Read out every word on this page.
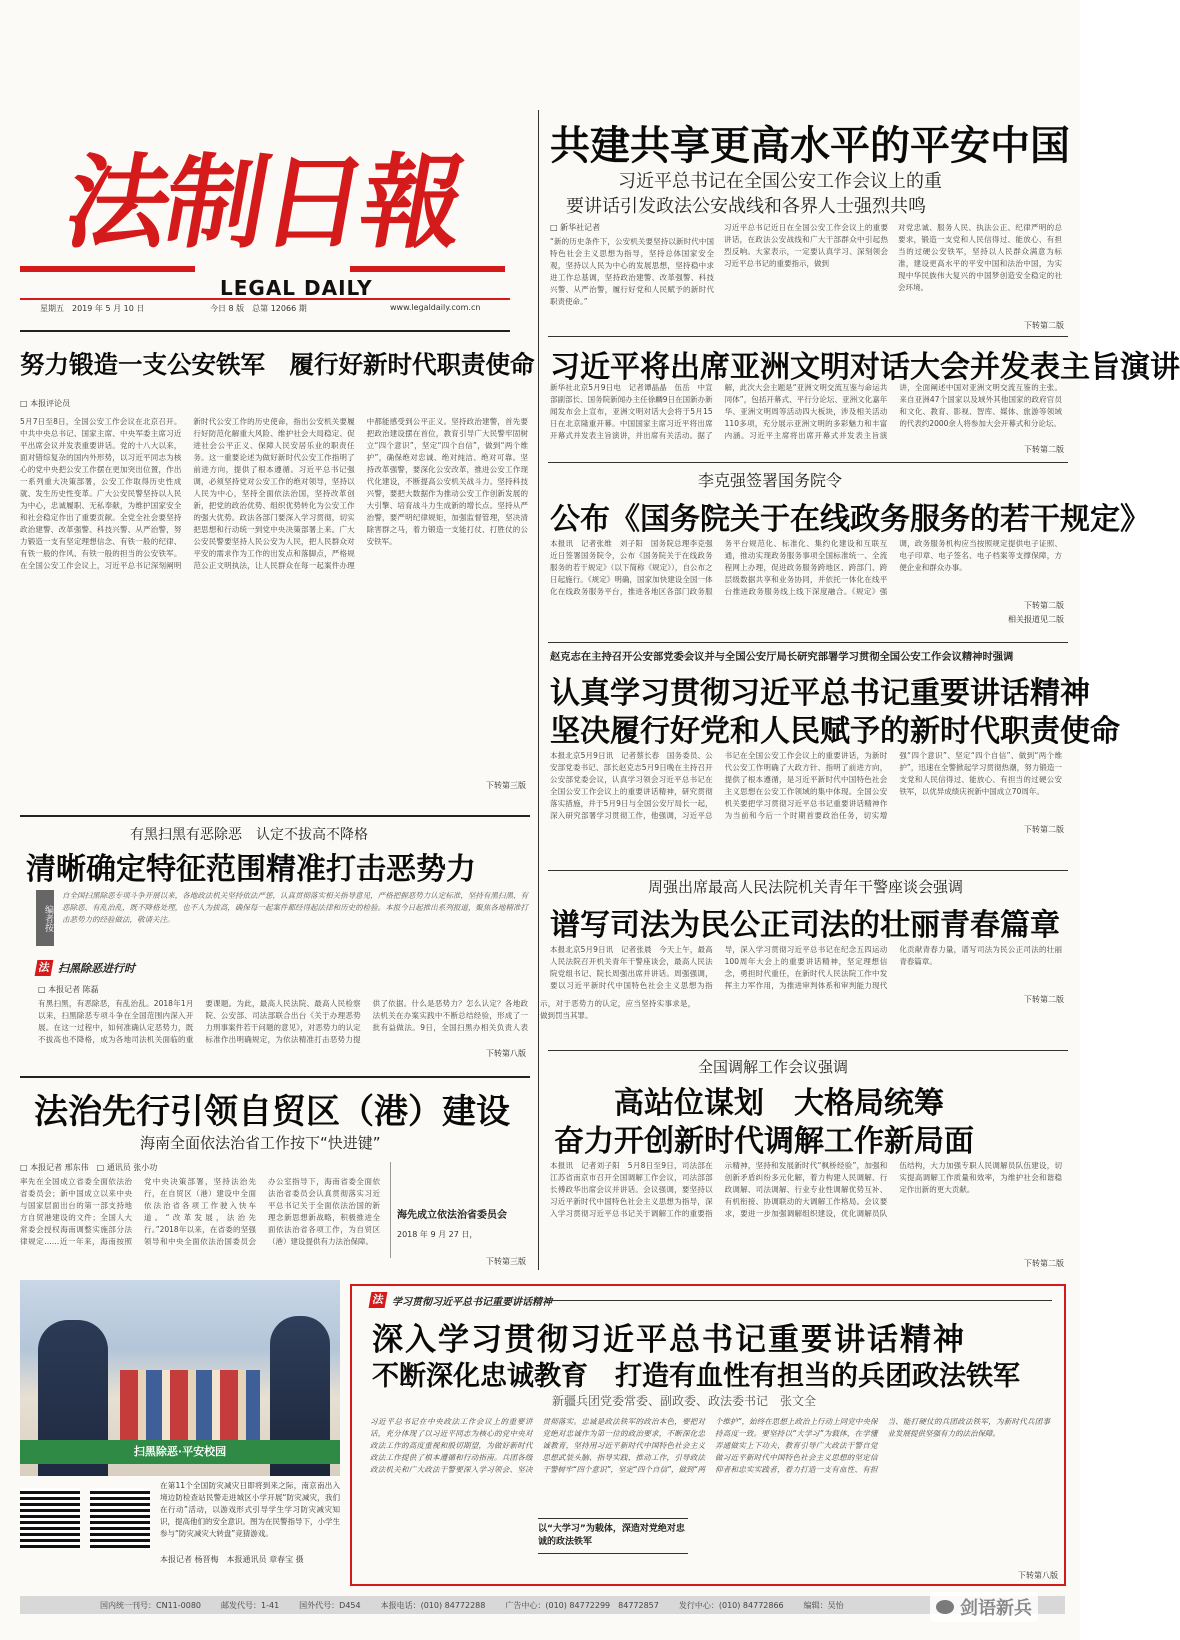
法制日報
LEGAL DAILY
星期五　2019 年 5 月 10 日	今日 8 版　总第 12066 期	www.legaldaily.com.cn
共建共享更高水平的平安中国
习近平总书记在全国公安工作会议上的重
要讲话引发政法公安战线和各界人士强烈共鸣
□ 新华社记者
“新的历史条件下，公安机关要坚持以新时代中国特色社会主义思想为指导，坚持总体国家安全观，坚持以人民为中心的发展思想，坚持稳中求进工作总基调，坚持政治建警、改革强警、科技兴警、从严治警，履行好党和人民赋予的新时代职责使命。”
习近平总书记近日在全国公安工作会议上的重要讲话，在政法公安战线和广大干部群众中引起热烈反响。大家表示，一定要认真学习、深刻领会习近平总书记的重要指示，做到
对党忠诚、服务人民、执法公正、纪律严明的总要求，锻造一支党和人民信得过、能放心、有担当的过硬公安铁军，坚持以人民群众满意为标准，建设更高水平的平安中国和法治中国，为实现中华民族伟大复兴的中国梦创造安全稳定的社会环境。
下转第二版
习近平将出席亚洲文明对话大会并发表主旨演讲
新华社北京5月9日电　记者谭晶晶　伍岳　中宣部副部长、国务院新闻办主任徐麟9日在国新办新闻发布会上宣布，亚洲文明对话大会将于5月15日在北京隆重开幕。中国国家主席习近平将出席开幕式并发表主旨演讲，并出席有关活动。据了解，此次大会主题是“亚洲文明交流互鉴与命运共同体”，包括开幕式、平行分论坛、亚洲文化嘉年华、亚洲文明周等活动四大板块，涉及相关活动110多项，充分展示亚洲文明的多彩魅力和丰富内涵。习近平主席将出席开幕式并发表主旨演讲，全面阐述中国对亚洲文明交流互鉴的主张。来自亚洲47个国家以及域外其他国家的政府官员和文化、教育、影视、智库、媒体、旅游等领域的代表约2000余人将参加大会开幕式和分论坛。
下转第二版
李克强签署国务院令
公布《国务院关于在线政务服务的若干规定》
本报讯　记者张维　刘子阳　国务院总理李克强近日签署国务院令，公布《国务院关于在线政务服务的若干规定》（以下简称《规定》），自公布之日起施行。《规定》明确，国家加快建设全国一体化在线政务服务平台，推进各地区各部门政务服务平台规范化、标准化、集约化建设和互联互通，推动实现政务服务事项全国标准统一、全流程网上办理，促进政务服务跨地区、跨部门、跨层级数据共享和业务协同，并依托一体化在线平台推进政务服务线上线下深度融合。《规定》强调，政务服务机构应当按照规定提供电子证照、电子印章、电子签名、电子档案等支撑保障，方便企业和群众办事。
下转第二版
相关报道见二版
赵克志在主持召开公安部党委会议并与全国公安厅局长研究部署学习贯彻全国公安工作会议精神时强调
认真学习贯彻习近平总书记重要讲话精神
坚决履行好党和人民赋予的新时代职责使命
本报北京5月9日讯　记者蔡长春　国务委员、公安部党委书记、部长赵克志5月9日晚在主持召开公安部党委会议，认真学习领会习近平总书记在全国公安工作会议上的重要讲话精神，研究贯彻落实措施，并于5月9日与全国公安厅局长一起，深入研究部署学习贯彻工作，他强调，习近平总书记在全国公安工作会议上的重要讲话，为新时代公安工作明确了大政方针、指明了前进方向，提供了根本遵循，是习近平新时代中国特色社会主义思想在公安工作领域的集中体现。全国公安机关要把学习贯彻习近平总书记重要讲话精神作为当前和今后一个时期首要政治任务，切实增强“四个意识”、坚定“四个自信”、做到“两个维护”，迅速在全警掀起学习贯彻热潮，努力锻造一支党和人民信得过、能放心、有担当的过硬公安铁军，以优异成绩庆祝新中国成立70周年。
下转第二版
周强出席最高人民法院机关青年干警座谈会强调
谱写司法为民公正司法的壮丽青春篇章
本报北京5月9日讯　记者张晨　今天上午，最高人民法院召开机关青年干警座谈会，最高人民法院党组书记、院长周强出席并讲话。周强强调，要以习近平新时代中国特色社会主义思想为指导，深入学习贯彻习近平总书记在纪念五四运动100周年大会上的重要讲话精神，坚定理想信念，勇担时代重任，在新时代人民法院工作中发挥主力军作用，为推进审判体系和审判能力现代化贡献青春力量，谱写司法为民公正司法的壮丽青春篇章。
下转第二版
全国调解工作会议强调
高站位谋划　大格局统筹
奋力开创新时代调解工作新局面
本报讯　记者刘子阳　5月8日至9日，司法部在江苏省南京市召开全国调解工作会议，司法部部长傅政华出席会议并讲话。会议强调，要坚持以习近平新时代中国特色社会主义思想为指导，深入学习贯彻习近平总书记关于调解工作的重要指示精神，坚持和发展新时代“枫桥经验”，加强和创新矛盾纠纷多元化解，着力构建人民调解、行政调解、司法调解、行业专业性调解优势互补、有机衔接、协调联动的大调解工作格局。会议要求，要进一步加强调解组织建设，优化调解员队伍结构，大力加强专职人民调解员队伍建设，切实提高调解工作质量和效率，为维护社会和谐稳定作出新的更大贡献。
下转第二版
努力锻造一支公安铁军　履行好新时代职责使命
□ 本报评论员
5月7日至8日，全国公安工作会议在北京召开。中共中央总书记、国家主席、中央军委主席习近平出席会议并发表重要讲话。党的十八大以来，面对错综复杂的国内外形势，以习近平同志为核心的党中央把公安工作摆在更加突出位置，作出一系列重大决策部署，公安工作取得历史性成就、发生历史性变革。广大公安民警坚持以人民为中心，忠诚履职、无私奉献，为维护国家安全和社会稳定作出了重要贡献。全党全社会要坚持政治建警、改革强警、科技兴警、从严治警，努力锻造一支有坚定理想信念、有铁一般的纪律、有铁一般的作风、有铁一般的担当的公安铁军。在全国公安工作会议上，习近平总书记深刻阐明新时代公安工作的历史使命，指出公安机关要履行好防范化解重大风险、维护社会大局稳定、促进社会公平正义、保障人民安居乐业的职责任务。这一重要论述为做好新时代公安工作指明了前进方向，提供了根本遵循。习近平总书记强调，必须坚持党对公安工作的绝对领导，坚持以人民为中心，坚持全面依法治国，坚持改革创新，把党的政治优势、组织优势转化为公安工作的强大优势。政法各部门要深入学习贯彻，切实把思想和行动统一到党中央决策部署上来。广大公安民警要坚持人民公安为人民，把人民群众对平安的需求作为工作的出发点和落脚点，严格规范公正文明执法，让人民群众在每一起案件办理中都能感受到公平正义。坚持政治建警，首先要把政治建设摆在首位，教育引导广大民警牢固树立“四个意识”，坚定“四个自信”，做到“两个维护”，确保绝对忠诚、绝对纯洁、绝对可靠。坚持改革强警，要深化公安改革，推进公安工作现代化建设，不断提高公安机关战斗力。坚持科技兴警，要把大数据作为推动公安工作创新发展的大引擎、培育战斗力生成新的增长点。坚持从严治警，要严明纪律规矩，加强监督管理，坚决清除害群之马，着力锻造一支能打仗、打胜仗的公安铁军。
下转第三版
有黑扫黑有恶除恶　认定不拔高不降格
清晰确定特征范围精准打击恶势力
编者按
自全国扫黑除恶专项斗争开展以来，各地政法机关坚持依法严惩，认真贯彻落实相关指导意见，严格把握恶势力认定标准，坚持有黑扫黑、有恶除恶、有乱治乱，既不降格处理，也不人为拔高，确保每一起案件都经得起法律和历史的检验。本报今日起推出系列报道，聚焦各地精准打击恶势力的经验做法，敬请关注。
法 扫黑除恶进行时
□ 本报记者 陈磊
有黑扫黑，有恶除恶，有乱治乱。2018年1月以来，扫黑除恶专项斗争在全国范围内深入开展。在这一过程中，如何准确认定恶势力，既不拔高也不降格，成为各地司法机关面临的重要课题。为此，最高人民法院、最高人民检察院、公安部、司法部联合出台《关于办理恶势力刑事案件若干问题的意见》，对恶势力的认定标准作出明确规定，为依法精准打击恶势力提供了依据。什么是恶势力？怎么认定？各地政法机关在办案实践中不断总结经验，形成了一批有益做法。9日，全国扫黑办相关负责人表示，对于恶势力的认定，应当坚持实事求是，做到罚当其罪。
下转第八版
法治先行引领自贸区（港）建设
海南全面依法治省工作按下“快进键”
□ 本报记者 邢东伟　□ 通讯员 张小功
率先在全国成立省委全面依法治省委员会；新中国成立以来中央与国家层面出台的第一部支持地方自贸港建设的文件；全国人大常委会授权海南调整实施部分法律规定……近一年来，海南按照党中央决策部署，坚持法治先行，在自贸区（港）建设中全面依法治省各项工作驶入快车道。“改革发展，法治先行。”2018年以来，在省委的坚强领导和中央全面依法治国委员会办公室指导下，海南省委全面依法治省委员会认真贯彻落实习近平总书记关于全面依法治国的新理念新思想新战略，积极推进全面依法治省各项工作，为自贸区（港）建设提供有力法治保障。

海先成立依法治省委员会
2018 年 9 月 27 日，
下转第三版
扫黑除恶·平安校园
在第11个全国防灾减灾日即将到来之际，南京南出入境边防检查站民警走进城区小学开展“防灾减灾，我们在行动”活动，以游戏形式引导学生学习防灾减灾知识，提高他们的安全意识。图为在民警指导下，小学生参与“防灾减灾大转盘”竞猜游戏。
本报记者 杨晋梅　本报通讯员 章春宝 摄
法 学习贯彻习近平总书记重要讲话精神
深入学习贯彻习近平总书记重要讲话精神
不断深化忠诚教育　打造有血性有担当的兵团政法铁军
新疆兵团党委常委、副政委、政法委书记　张文全
习近平总书记在中央政法工作会议上的重要讲话，充分体现了以习近平同志为核心的党中央对政法工作的高度重视和殷切期望，为做好新时代政法工作提供了根本遵循和行动指南。兵团各级政法机关和广大政法干警要深入学习领会、坚决贯彻落实。忠诚是政法铁军的政治本色，要把对党绝对忠诚作为第一位的政治要求，不断深化忠诚教育，坚持用习近平新时代中国特色社会主义思想武装头脑、指导实践、推动工作，引导政法干警树牢“四个意识”，坚定“四个自信”，做到“两个维护”，始终在思想上政治上行动上同党中央保持高度一致。要坚持以“大学习”为载体，在学懂弄通做实上下功夫，教育引导广大政法干警自觉做习近平新时代中国特色社会主义思想的坚定信仰者和忠实实践者，着力打造一支有血性、有担当、能打硬仗的兵团政法铁军，为新时代兵团事业发展提供坚强有力的法治保障。
以“大学习”为载体，深造对党绝对忠诚的政法铁军
下转第八版
国内统一刊号：CN11-0080	邮发代号：1-41	国外代号：D454	本报电话：(010) 84772288	广告中心：(010) 84772299　84772857	发行中心：(010) 84772866	编辑：吴怡	剑语新兵
